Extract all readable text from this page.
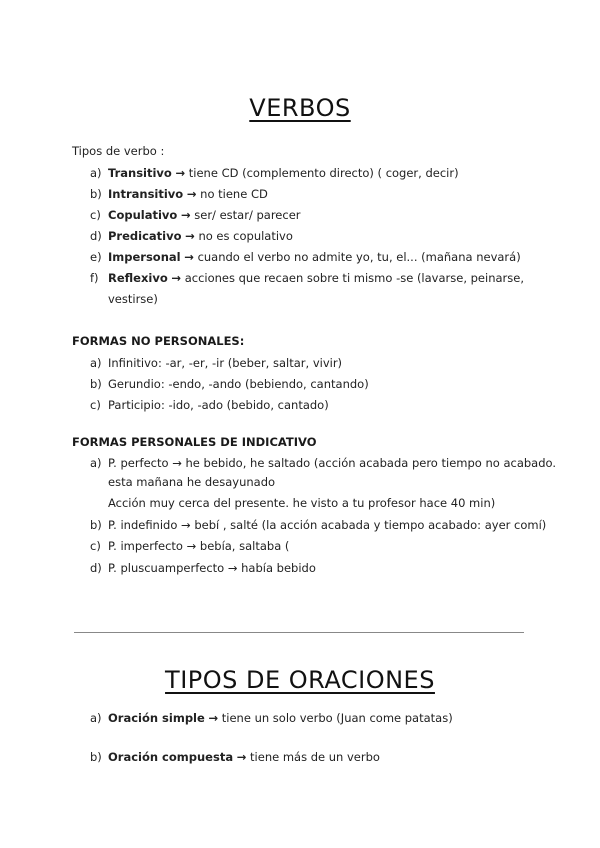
VERBOS
Tipos de verbo :
a) Transitivo → tiene CD (complemento directo) ( coger, decir)
b) Intransitivo → no tiene CD
c) Copulativo → ser/ estar/ parecer
d) Predicativo → no es copulativo
e) Impersonal → cuando el verbo no admite yo, tu, el... (mañana nevará)
f) Reflexivo → acciones que recaen sobre ti mismo -se (lavarse, peinarse,
vestirse)
FORMAS NO PERSONALES:
a) Infinitivo: -ar, -er, -ir (beber, saltar, vivir)
b) Gerundio: -endo, -ando (bebiendo, cantando)
c) Participio: -ido, -ado (bebido, cantado)
FORMAS PERSONALES DE INDICATIVO
a) P. perfecto → he bebido, he saltado (acción acabada pero tiempo no acabado.
esta mañana he desayunado
Acción muy cerca del presente. he visto a tu profesor hace 40 min)
b) P. indefinido → bebí , salté (la acción acabada y tiempo acabado: ayer comí)
c) P. imperfecto → bebía, saltaba (
d) P. pluscuamperfecto → había bebido
TIPOS DE ORACIONES
a) Oración simple → tiene un solo verbo (Juan come patatas)
b) Oración compuesta → tiene más de un verbo
